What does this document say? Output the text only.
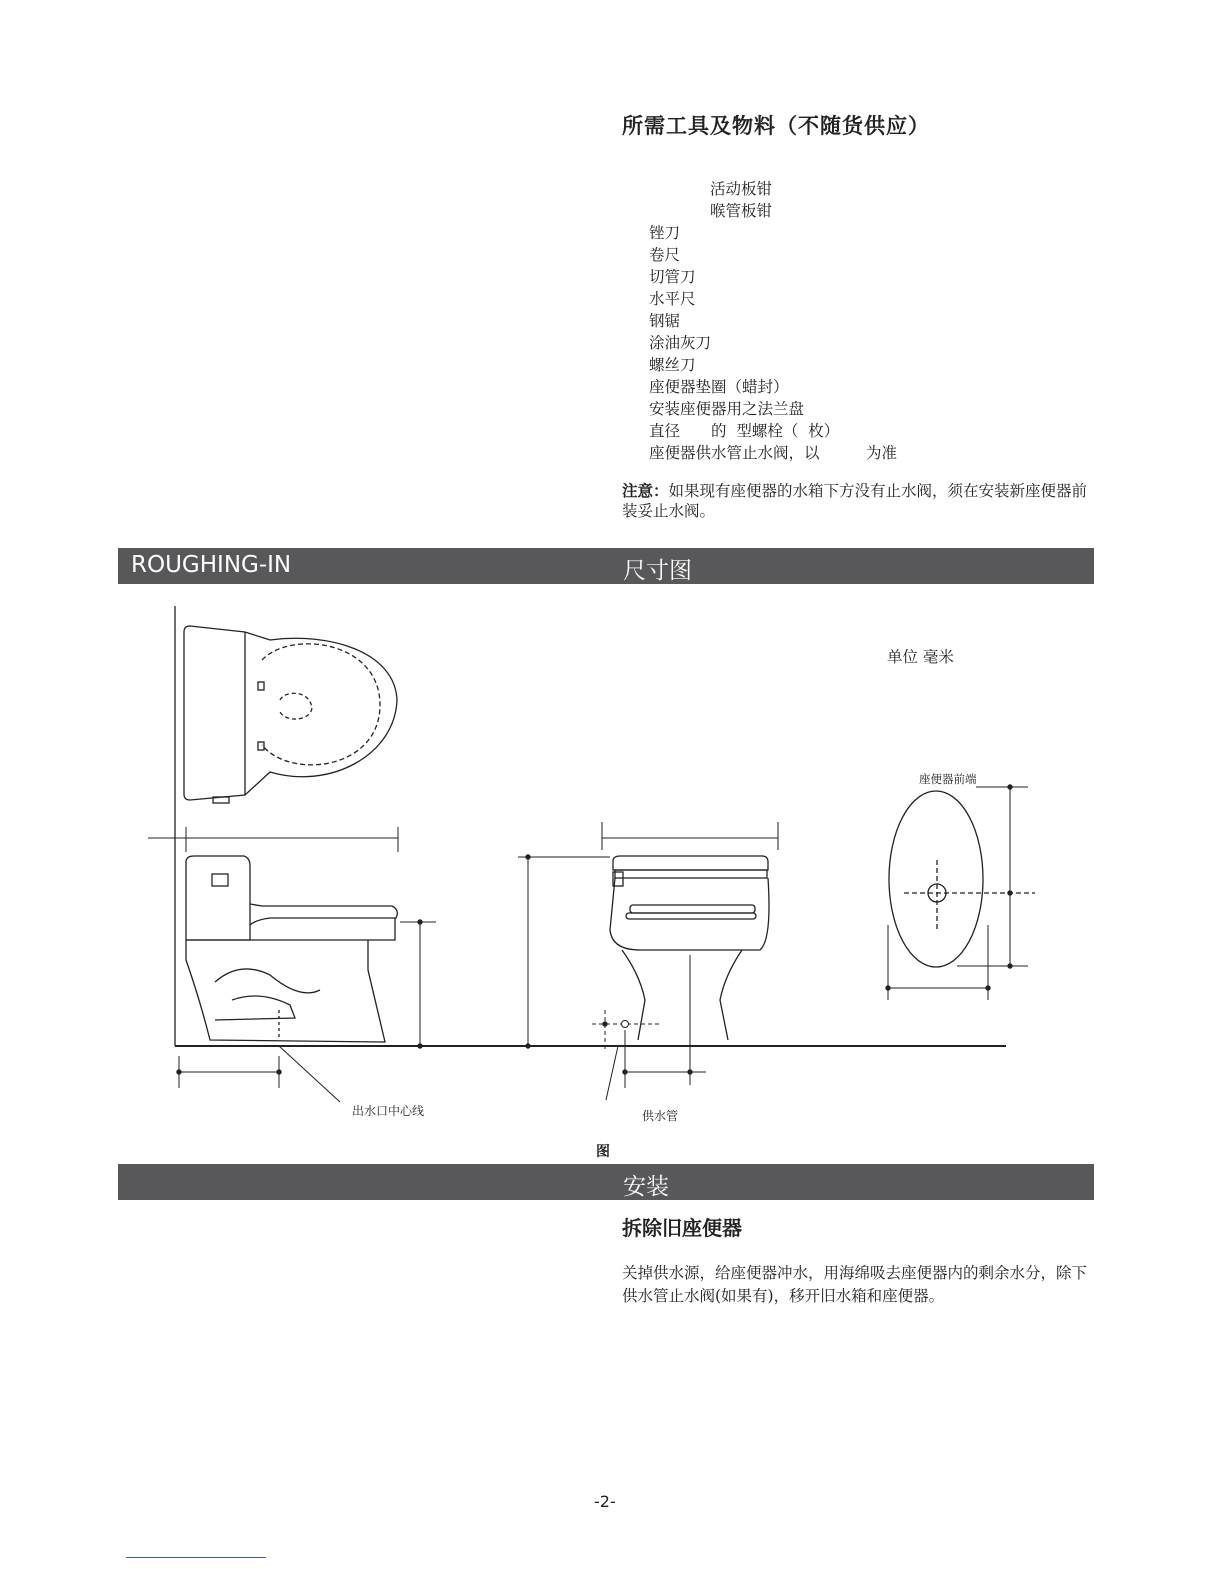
所需工具及物料（不随货供应）
活动板钳
喉管板钳
锉刀
卷尺
切管刀
水平尺
钢锯
涂油灰刀
螺丝刀
座便器垫圈（蜡封）
安装座便器用之法兰盘
直径　　的  型螺栓（  枚）
座便器供水管止水阀，以　　　为准
注意：如果现有座便器的水箱下方没有止水阀，须在安装新座便器前装妥止水阀。
ROUGHING-IN	尺寸图
单位 毫米
座便器前端
出水口中心线	供水管
图
安装
拆除旧座便器
关掉供水源，给座便器冲水，用海绵吸去座便器内的剩余水分，除下供水管止水阀(如果有)，移开旧水箱和座便器。
-2-
